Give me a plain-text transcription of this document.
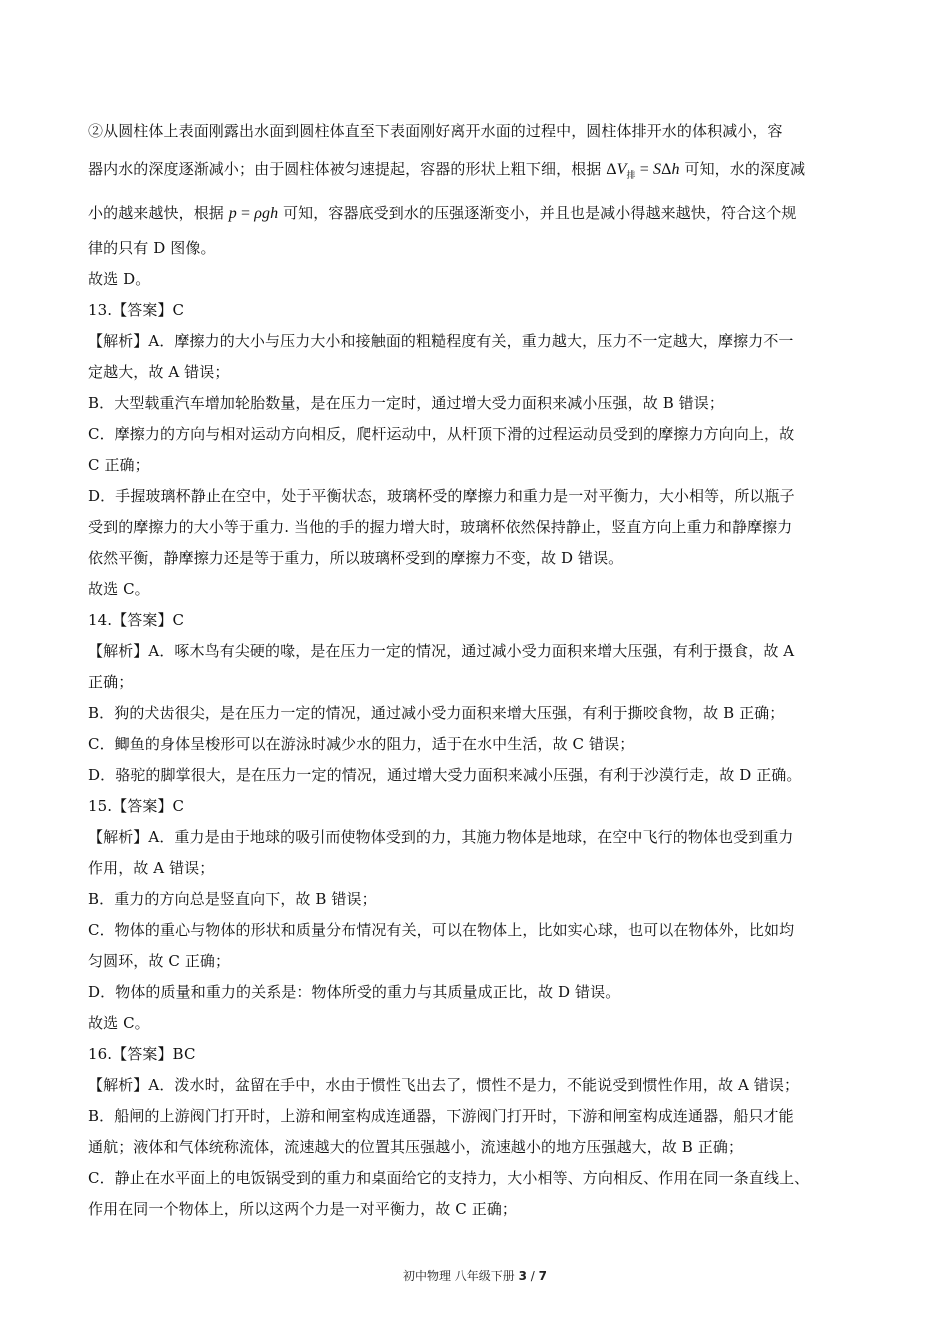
②从圆柱体上表面刚露出水面到圆柱体直至下表面刚好离开水面的过程中，圆柱体排开水的体积减小，容
器内水的深度逐渐减小；由于圆柱体被匀速提起，容器的形状上粗下细，根据 $\Delta V_排 = S\Delta h$ 可知，水的深度减
小的越来越快，根据 p = ρgh 可知，容器底受到水的压强逐渐变小，并且也是减小得越来越快，符合这个规
律的只有 D 图像。
故选 D。
13.【答案】C
【解析】A．摩擦力的大小与压力大小和接触面的粗糙程度有关，重力越大，压力不一定越大，摩擦力不一
定越大，故 A 错误；
B．大型载重汽车增加轮胎数量，是在压力一定时，通过增大受力面积来减小压强，故 B 错误；
C．摩擦力的方向与相对运动方向相反，爬杆运动中，从杆顶下滑的过程运动员受到的摩擦力方向向上，故
C 正确；
D．手握玻璃杯静止在空中，处于平衡状态，玻璃杯受的摩擦力和重力是一对平衡力，大小相等，所以瓶子
受到的摩擦力的大小等于重力. 当他的手的握力增大时，玻璃杯依然保持静止，竖直方向上重力和静摩擦力
依然平衡，静摩擦力还是等于重力，所以玻璃杯受到的摩擦力不变，故 D 错误。
故选 C。
14.【答案】C
【解析】A．啄木鸟有尖硬的喙，是在压力一定的情况，通过减小受力面积来增大压强，有利于摄食，故 A
正确；
B．狗的犬齿很尖，是在压力一定的情况，通过减小受力面积来增大压强，有利于撕咬食物，故 B 正确；
C．鲫鱼的身体呈梭形可以在游泳时减少水的阻力，适于在水中生活，故 C 错误；
D．骆驼的脚掌很大，是在压力一定的情况，通过增大受力面积来减小压强，有利于沙漠行走，故 D 正确。
15.【答案】C
【解析】A．重力是由于地球的吸引而使物体受到的力，其施力物体是地球，在空中飞行的物体也受到重力
作用，故 A 错误；
B．重力的方向总是竖直向下，故 B 错误；
C．物体的重心与物体的形状和质量分布情况有关，可以在物体上，比如实心球，也可以在物体外，比如均
匀圆环，故 C 正确；
D．物体的质量和重力的关系是：物体所受的重力与其质量成正比，故 D 错误。
故选 C。
16.【答案】BC
【解析】A．泼水时，盆留在手中，水由于惯性飞出去了，惯性不是力，不能说受到惯性作用，故 A 错误；
B．船闸的上游阀门打开时，上游和闸室构成连通器，下游阀门打开时，下游和闸室构成连通器，船只才能
通航；液体和气体统称流体，流速越大的位置其压强越小，流速越小的地方压强越大，故 B 正确；
C．静止在水平面上的电饭锅受到的重力和桌面给它的支持力，大小相等、方向相反、作用在同一条直线上、
作用在同一个物体上，所以这两个力是一对平衡力，故 C 正确；
初中物理 八年级下册 3 / 7
